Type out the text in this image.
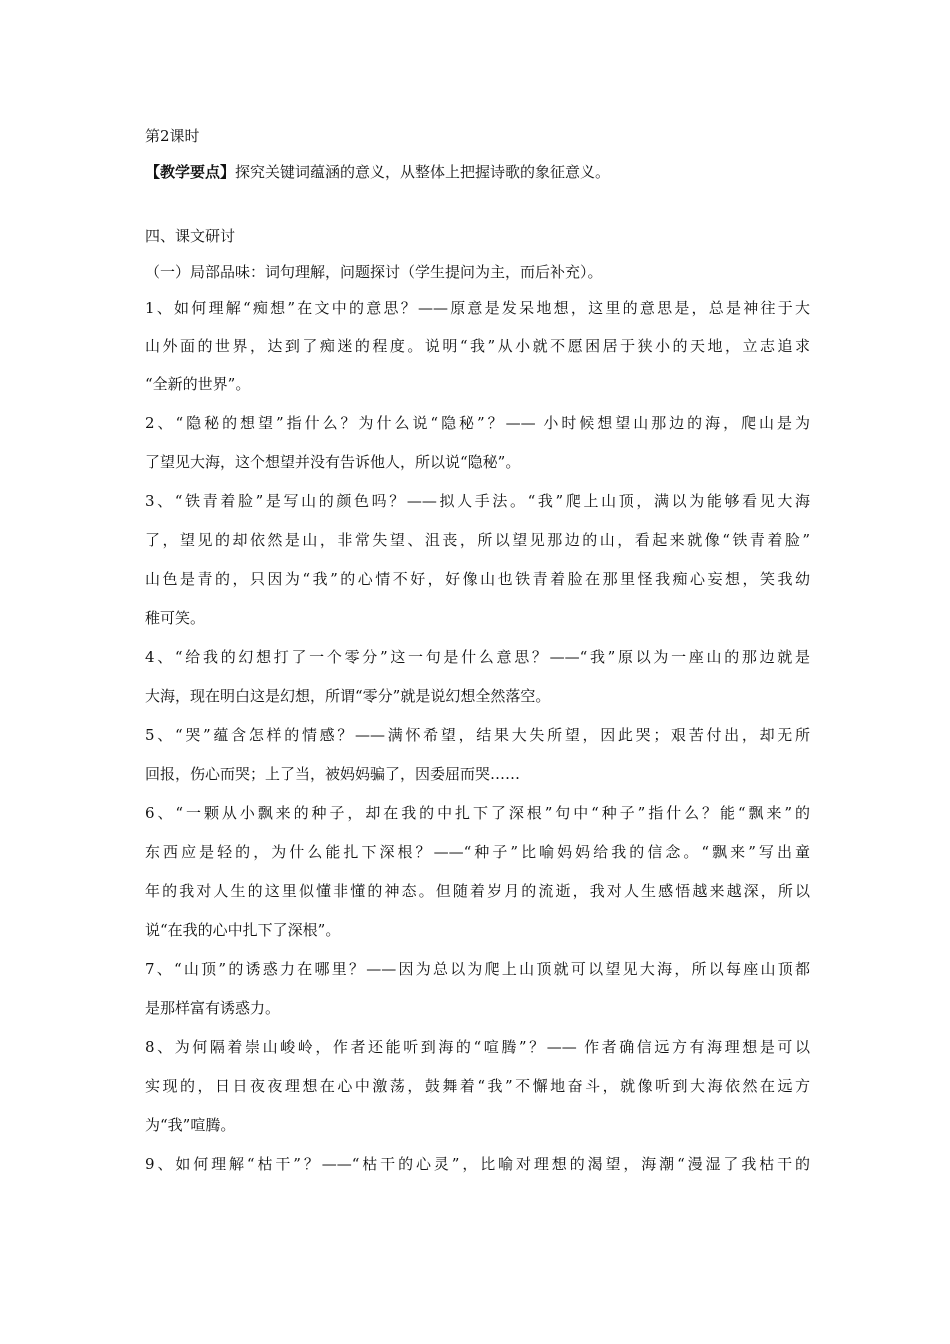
第2课时
【教学要点】探究关键词蕴涵的意义，从整体上把握诗歌的象征意义。
四、课文研讨
（一）局部品味：词句理解，问题探讨（学生提问为主，而后补充）。
1、如何理解“痴想”在文中的意思？——原意是发呆地想，这里的意思是，总是神往于大
山外面的世界，达到了痴迷的程度。说明“我”从小就不愿困居于狭小的天地，立志追求
“全新的世界”。
2、“隐秘的想望”指什么？为什么说“隐秘”？—— 小时候想望山那边的海，爬山是为
了望见大海，这个想望并没有告诉他人，所以说“隐秘”。
3、“铁青着脸”是写山的颜色吗？——拟人手法。“我”爬上山顶，满以为能够看见大海
了，望见的却依然是山，非常失望、沮丧，所以望见那边的山，看起来就像“铁青着脸”
山色是青的，只因为“我”的心情不好，好像山也铁青着脸在那里怪我痴心妄想，笑我幼
稚可笑。
4、“给我的幻想打了一个零分”这一句是什么意思？——“我”原以为一座山的那边就是
大海，现在明白这是幻想，所谓“零分”就是说幻想全然落空。
5、“哭”蕴含怎样的情感？——满怀希望，结果大失所望，因此哭；艰苦付出，却无所
回报，伤心而哭；上了当，被妈妈骗了，因委屈而哭……
6、“一颗从小飘来的种子，却在我的中扎下了深根”句中“种子”指什么？能“飘来”的
东西应是轻的，为什么能扎下深根？——“种子”比喻妈妈给我的信念。“飘来”写出童
年的我对人生的这里似懂非懂的神态。但随着岁月的流逝，我对人生感悟越来越深，所以
说“在我的心中扎下了深根”。
7、“山顶”的诱惑力在哪里？——因为总以为爬上山顶就可以望见大海，所以每座山顶都
是那样富有诱惑力。
8、为何隔着崇山峻岭，作者还能听到海的“喧腾”？—— 作者确信远方有海理想是可以
实现的，日日夜夜理想在心中激荡，鼓舞着“我”不懈地奋斗，就像听到大海依然在远方
为“我”喧腾。
9、如何理解“枯干”？——“枯干的心灵”，比喻对理想的渴望，海潮“漫湿了我枯干的
